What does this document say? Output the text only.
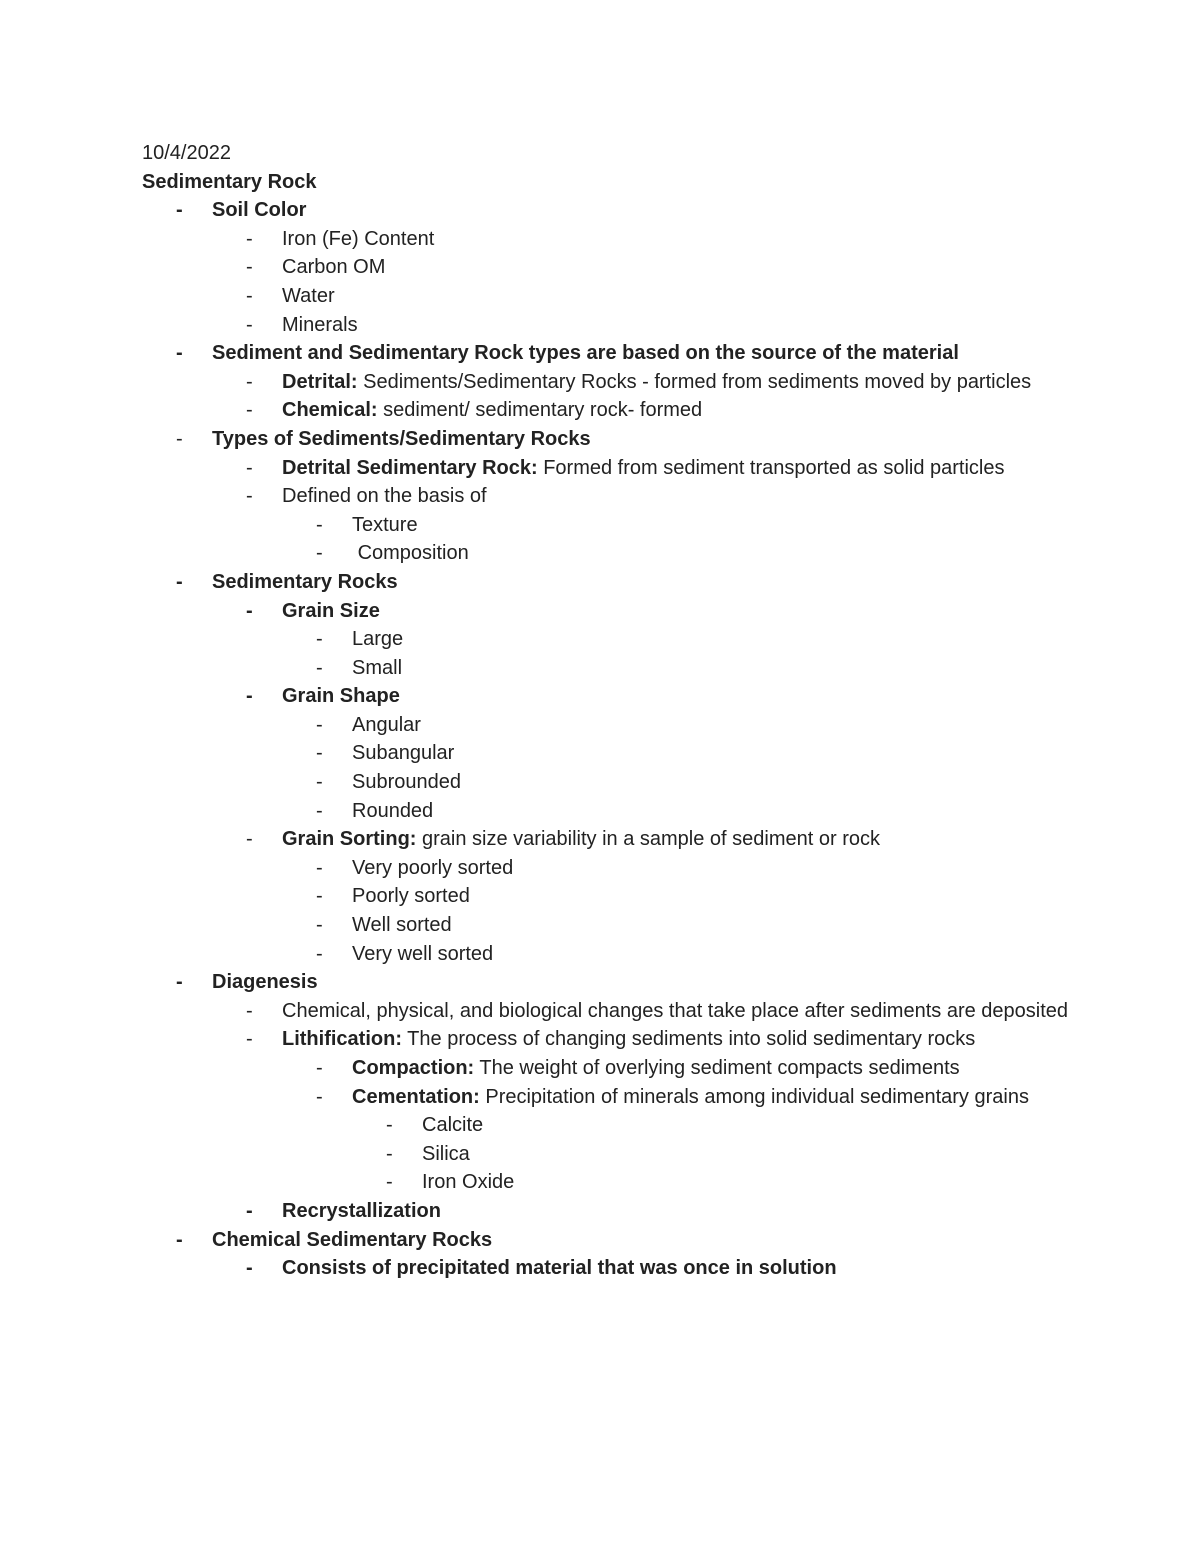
10/4/2022
Sedimentary Rock
-	Soil Color
-	Iron (Fe) Content
-	Carbon OM
-	Water
-	Minerals
-	Sediment and Sedimentary Rock types are based on the source of the material
-	Detrital: Sediments/Sedimentary Rocks - formed from sediments moved by particles
-	Chemical: sediment/ sedimentary rock- formed
-	Types of Sediments/Sedimentary Rocks
-	Detrital Sedimentary Rock: Formed from sediment transported as solid particles
-	Defined on the basis of
-	Texture
-	Composition
-	Sedimentary Rocks
-	Grain Size
-	Large
-	Small
-	Grain Shape
-	Angular
-	Subangular
-	Subrounded
-	Rounded
-	Grain Sorting: grain size variability in a sample of sediment or rock
-	Very poorly sorted
-	Poorly sorted
-	Well sorted
-	Very well sorted
-	Diagenesis
-	Chemical, physical, and biological changes that take place after sediments are deposited
-	Lithification: The process of changing sediments into solid sedimentary rocks
-	Compaction: The weight of overlying sediment compacts sediments
-	Cementation: Precipitation of minerals among individual sedimentary grains
-	Calcite
-	Silica
-	Iron Oxide
-	Recrystallization
-	Chemical Sedimentary Rocks
-	Consists of precipitated material that was once in solution
